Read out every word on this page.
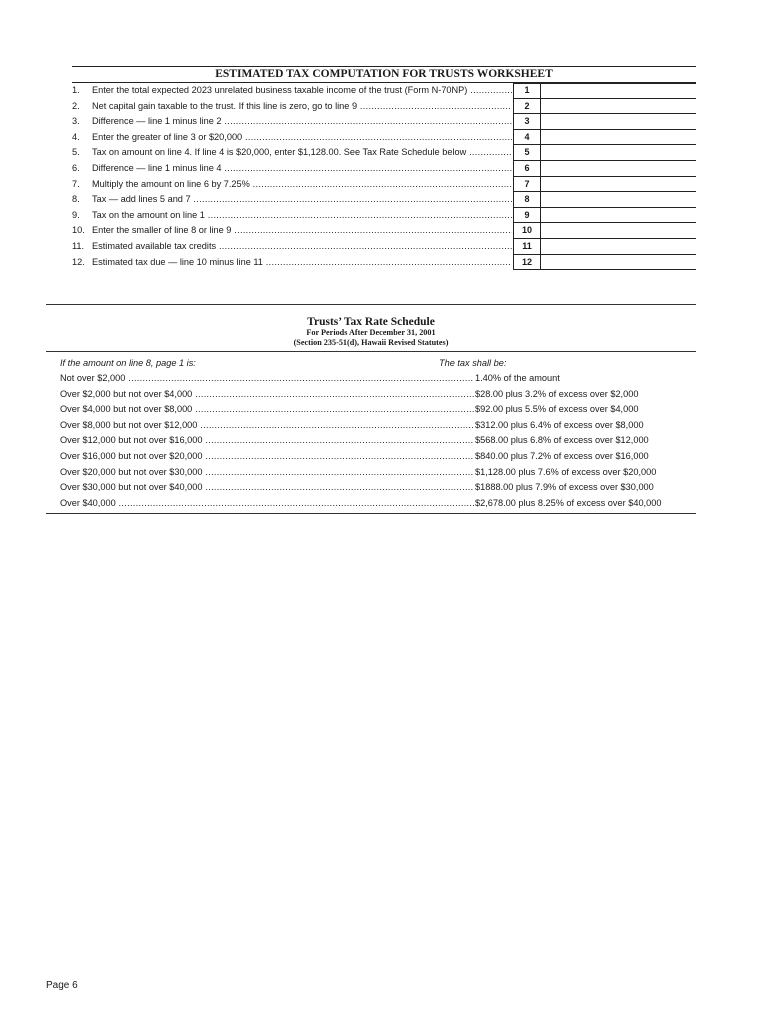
ESTIMATED TAX COMPUTATION FOR TRUSTS WORKSHEET
1.	Enter the total expected 2023 unrelated business taxable income of the trust (Form N-70NP) .....	1
2.	Net capital gain taxable to the trust. If this line is zero, go to line 9 .....	2
3.	Difference — line 1 minus line 2 .....	3
4.	Enter the greater of line 3 or $20,000 .....	4
5.	Tax on amount on line 4. If line 4 is $20,000, enter $1,128.00. See Tax Rate Schedule below .....	5
6.	Difference — line 1 minus line 4 .....	6
7.	Multiply the amount on line 6 by 7.25% .....	7
8.	Tax — add lines 5 and 7 .....	8
9.	Tax on the amount on line 1 .....	9
10. Enter the smaller of line 8 or line 9 .....	10
11. Estimated available tax credits .....	11
12. Estimated tax due — line 10 minus line 11 .....	12
Trusts’ Tax Rate Schedule
For Periods After December 31, 2001
(Section 235-51(d), Hawaii Revised Statutes)
If the amount on line 8, page 1 is:	The tax shall be:
Not over $2,000 .....	1.40% of the amount
Over $2,000 but not over $4,000 .....	$28.00 plus 3.2% of excess over $2,000
Over $4,000 but not over $8,000 .....	$92.00 plus 5.5% of excess over $4,000
Over $8,000 but not over $12,000 .....	$312.00 plus 6.4% of excess over $8,000
Over $12,000 but not over $16,000 .....	$568.00 plus 6.8% of excess over $12,000
Over $16,000 but not over $20,000 .....	$840.00 plus 7.2% of excess over $16,000
Over $20,000 but not over $30,000 .....	$1,128.00 plus 7.6% of excess over $20,000
Over $30,000 but not over $40,000 .....	$1888.00 plus 7.9% of excess over $30,000
Over $40,000 .....	$2,678.00 plus 8.25% of excess over $40,000
Page 6
